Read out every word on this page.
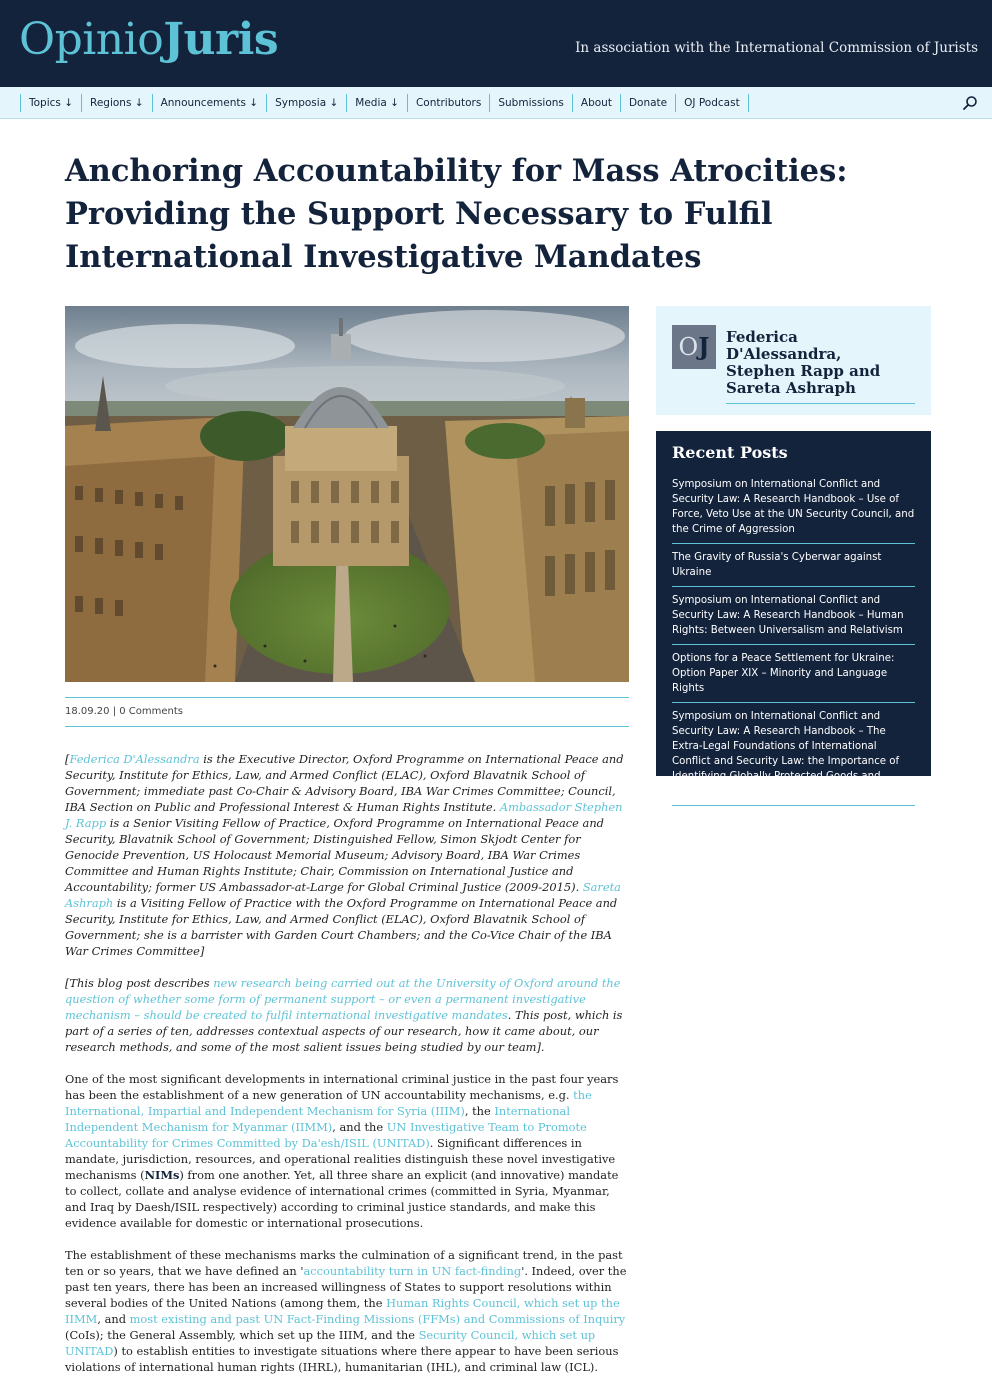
OpinioJuris	In association with the International Commission of Jurists
Topics ↓	Regions ↓	Announcements ↓	Symposia ↓	Media ↓	Contributors	Submissions	About	Donate	OJ Podcast
Anchoring Accountability for Mass Atrocities: Providing the Support Necessary to Fulfil International Investigative Mandates
18.09.20 | 0 Comments

[Federica D'Alessandra is the Executive Director, Oxford Programme on International Peace and Security, Institute for Ethics, Law, and Armed Conflict (ELAC), Oxford Blavatnik School of Government; immediate past Co-Chair & Advisory Board, IBA War Crimes Committee; Council, IBA Section on Public and Professional Interest & Human Rights Institute. Ambassador Stephen J. Rapp is a Senior Visiting Fellow of Practice, Oxford Programme on International Peace and Security, Blavatnik School of Government; Distinguished Fellow, Simon Skjodt Center for Genocide Prevention, US Holocaust Memorial Museum; Advisory Board, IBA War Crimes Committee and Human Rights Institute; Chair, Commission on International Justice and Accountability; former US Ambassador-at-Large for Global Criminal Justice (2009-2015). Sareta Ashraph is a Visiting Fellow of Practice with the Oxford Programme on International Peace and Security, Institute for Ethics, Law, and Armed Conflict (ELAC), Oxford Blavatnik School of Government; she is a barrister with Garden Court Chambers; and the Co-Vice Chair of the IBA War Crimes Committee]

[This blog post describes new research being carried out at the University of Oxford around the question of whether some form of permanent support – or even a permanent investigative mechanism – should be created to fulfil international investigative mandates. This post, which is part of a series of ten, addresses contextual aspects of our research, how it came about, our research methods, and some of the most salient issues being studied by our team].

One of the most significant developments in international criminal justice in the past four years has been the establishment of a new generation of UN accountability mechanisms, e.g. the International, Impartial and Independent Mechanism for Syria (IIIM), the International Independent Mechanism for Myanmar (IIMM), and the UN Investigative Team to Promote Accountability for Crimes Committed by Da'esh/ISIL (UNITAD). Significant differences in mandate, jurisdiction, resources, and operational realities distinguish these novel investigative mechanisms (NIMs) from one another. Yet, all three share an explicit (and innovative) mandate to collect, collate and analyse evidence of international crimes (committed in Syria, Myanmar, and Iraq by Daesh/ISIL respectively) according to criminal justice standards, and make this evidence available for domestic or international prosecutions.

The establishment of these mechanisms marks the culmination of a significant trend, in the past ten or so years, that we have defined an 'accountability turn in UN fact-finding'. Indeed, over the past ten years, there has been an increased willingness of States to support resolutions within several bodies of the United Nations (among them, the Human Rights Council, which set up the IIMM, and most existing and past UN Fact-Finding Missions (FFMs) and Commissions of Inquiry (CoIs); the General Assembly, which set up the IIIM, and the Security Council, which set up UNITAD) to establish entities to investigate situations where there appear to have been serious violations of international human rights (IHRL), humanitarian (IHL), and criminal law (ICL).

OJ	Federica D'Alessandra, Stephen Rapp and Sareta Ashraph
Recent Posts
Symposium on International Conflict and Security Law: A Research Handbook – Use of Force, Veto Use at the UN Security Council, and the Crime of Aggression
The Gravity of Russia's Cyberwar against Ukraine
Symposium on International Conflict and Security Law: A Research Handbook – Human Rights: Between Universalism and Relativism
Options for a Peace Settlement for Ukraine: Option Paper XIX – Minority and Language Rights
Symposium on International Conflict and Security Law: A Research Handbook – The Extra-Legal Foundations of International Conflict and Security Law: the Importance of Identifying Globally Protected Goods and Collective Interests
